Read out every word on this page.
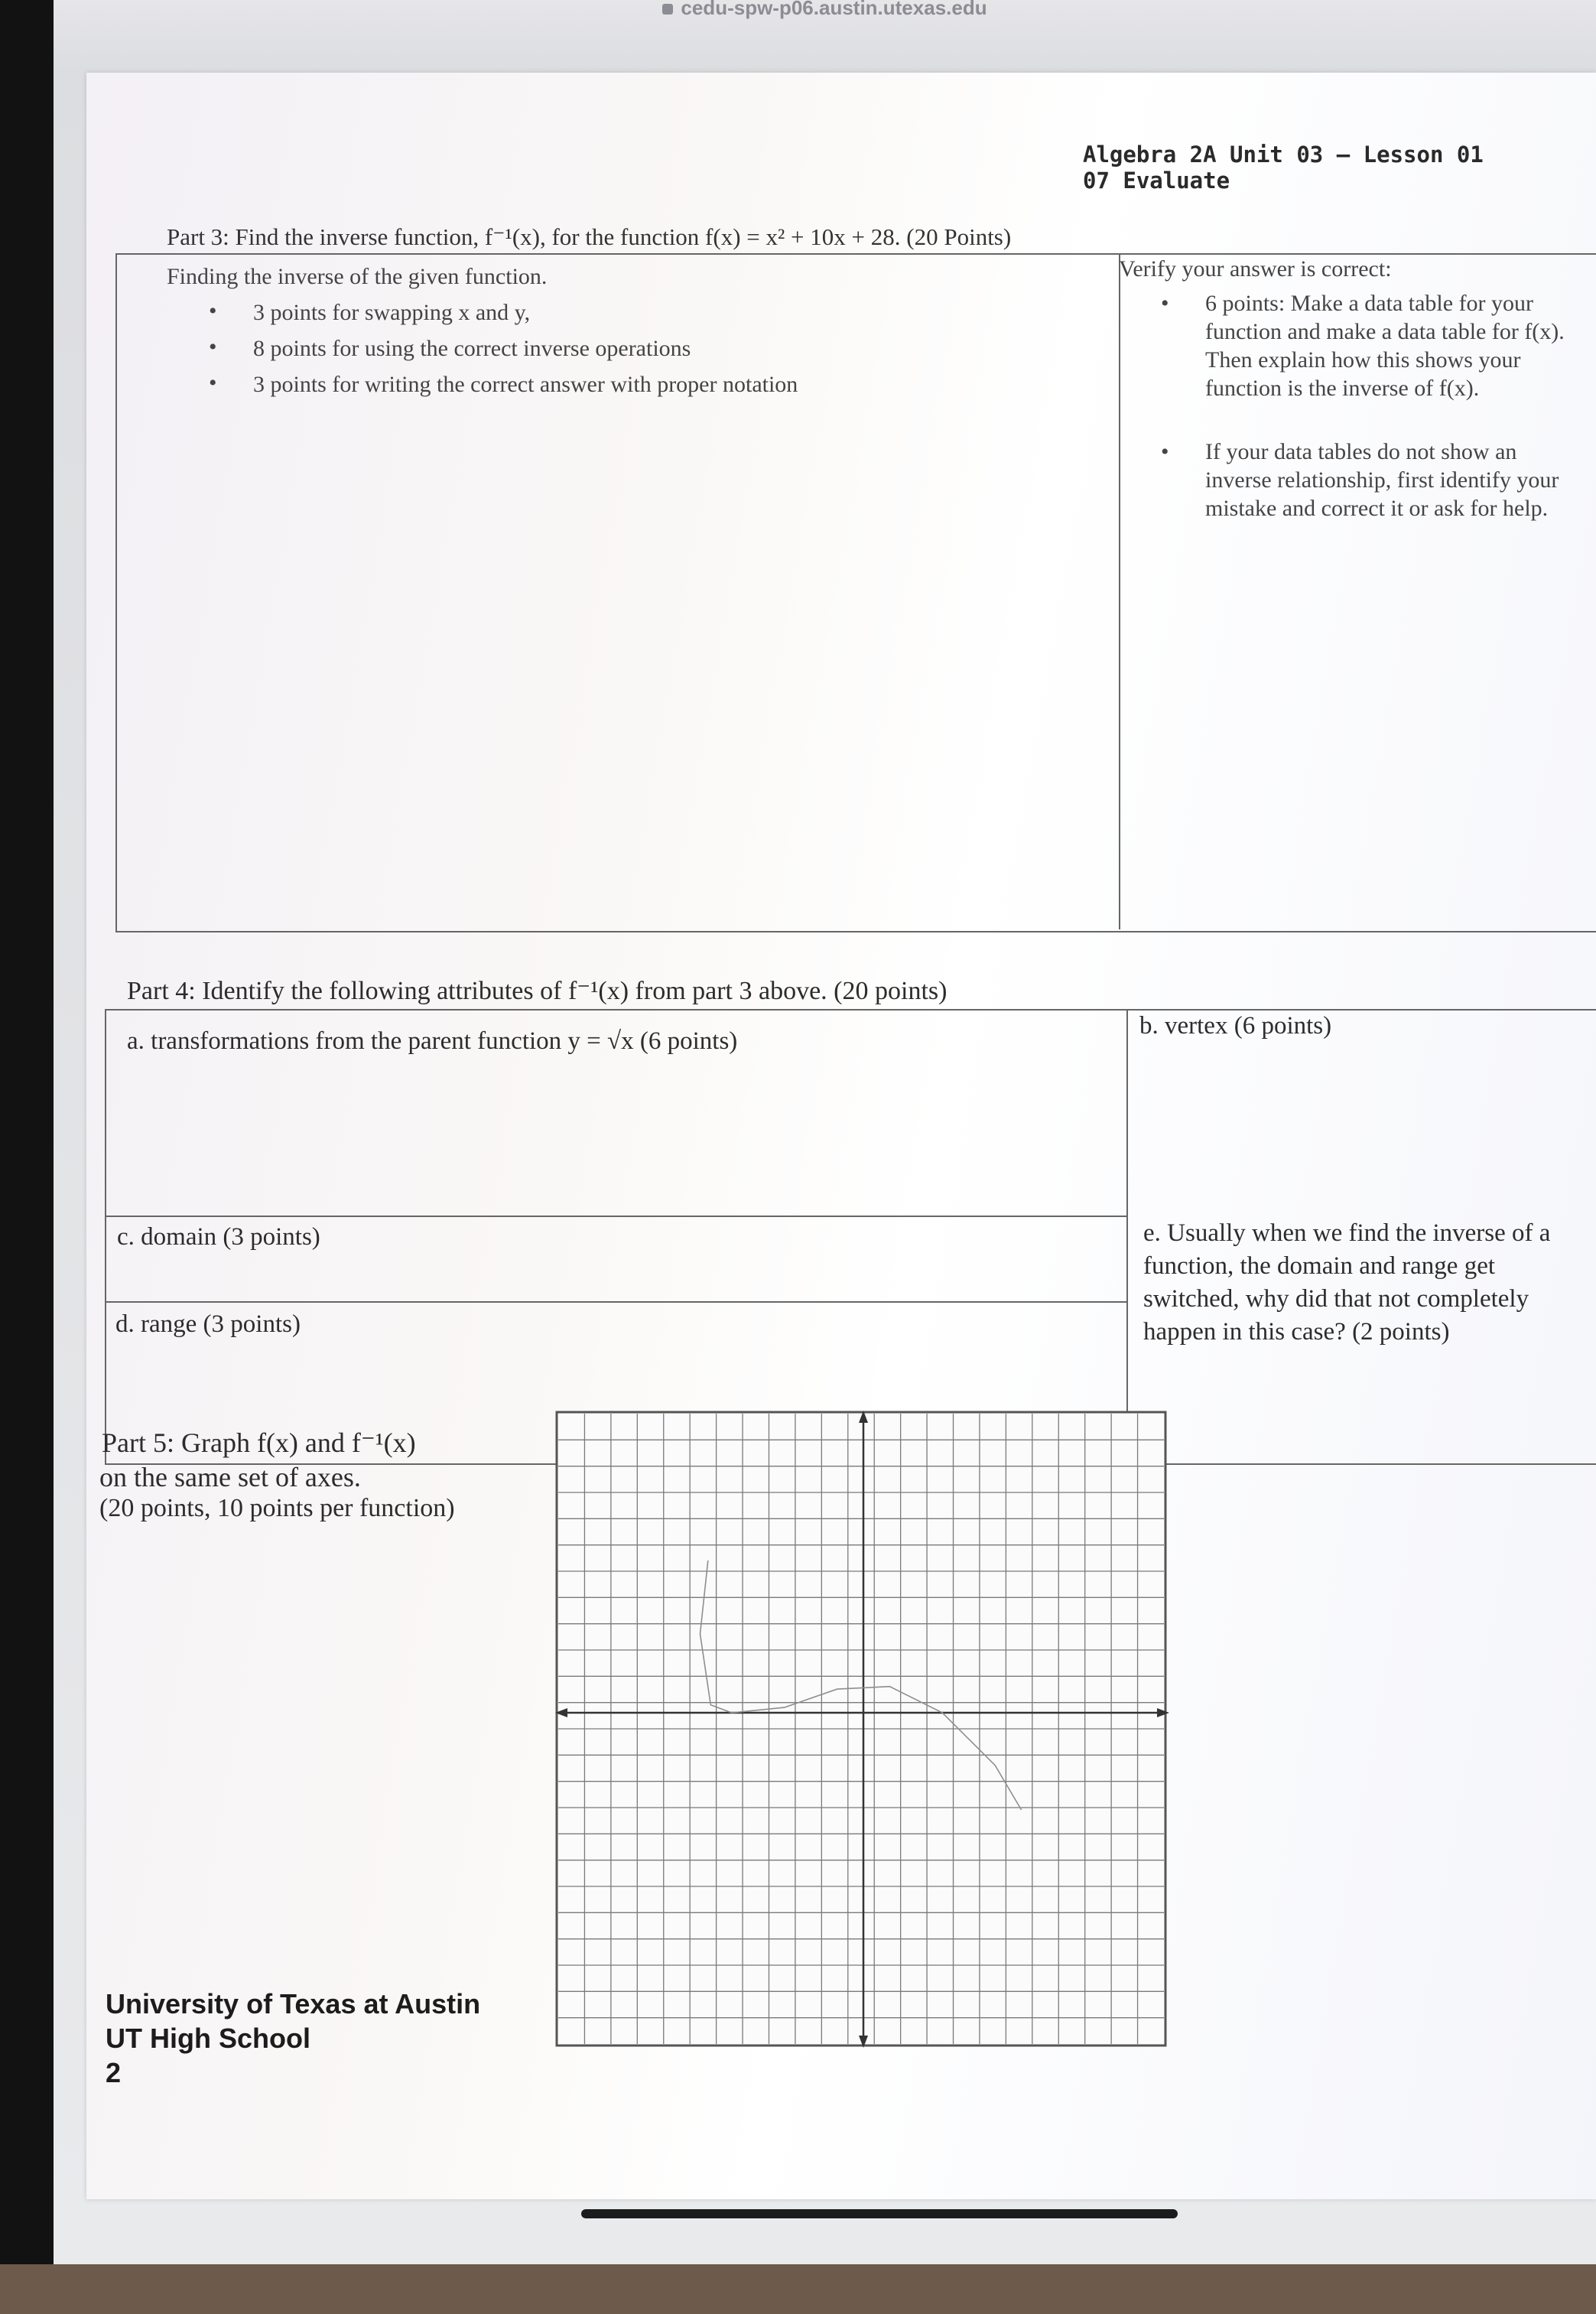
cedu-spw-p06.austin.utexas.edu
Algebra 2A Unit 03 – Lesson 01
07 Evaluate
Part 3: Find the inverse function, f⁻¹(x), for the function f(x) = x² + 10x + 28. (20 Points)
Finding the inverse of the given function.
• 3 points for swapping x and y,
• 8 points for using the correct inverse operations
• 3 points for writing the correct answer with proper notation
Verify your answer is correct:
• 6 points: Make a data table for your function and make a data table for f(x). Then explain how this shows your function is the inverse of f(x).
• If your data tables do not show an inverse relationship, first identify your mistake and correct it or ask for help.
Part 4: Identify the following attributes of f⁻¹(x) from part 3 above. (20 points)
a. transformations from the parent function y = √x (6 points)
b. vertex (6 points)
c. domain (3 points)
d. range (3 points)
e. Usually when we find the inverse of a function, the domain and range get switched, why did that not completely happen in this case? (2 points)
Part 5: Graph f(x) and f⁻¹(x)
on the same set of axes.
(20 points, 10 points per function)
University of Texas at Austin
UT High School
2
